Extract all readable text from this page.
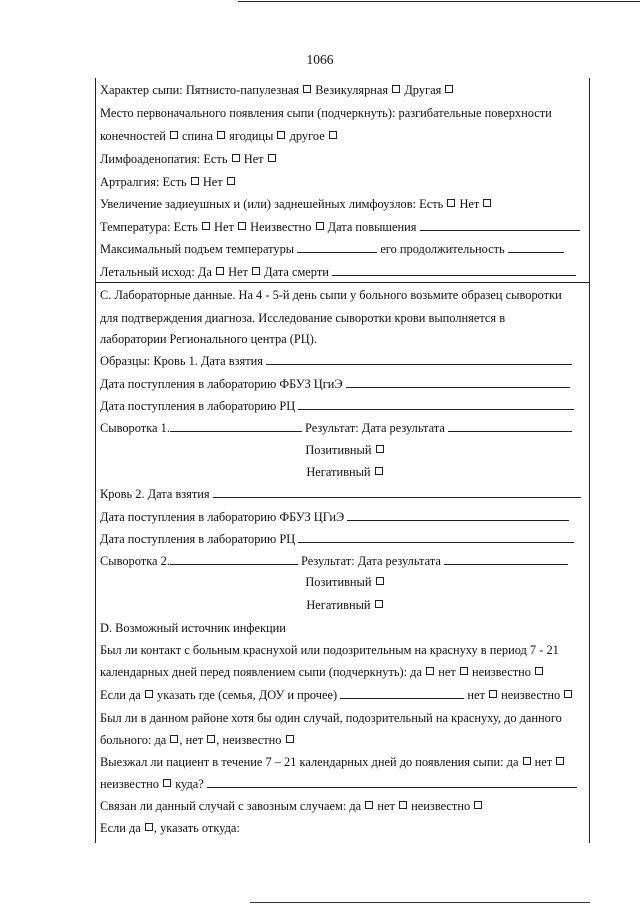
1066
Характер сыпи: Пятнисто-папулезная Везикулярная Другая
Место первоначального появления сыпи (подчеркнуть): разгибательные поверхности
конечностей спина ягодицы другое
Лимфоаденопатия: Есть Нет
Артралгия: Есть Нет
Увеличение задиеушных и (или) заднешейных лимфоузлов: Есть Нет
Температура: Есть Нет Неизвестно Дата повышения
Максимальный подъем температуры	его продолжительность
Летальный исход: Да Нет Дата смерти
С. Лабораторные данные. На 4 - 5-й день сыпи у больного возьмите образец сыворотки
для подтверждения диагноза. Исследование сыворотки крови выполняется в
лаборатории Регионального центра (РЦ).
Образцы: Кровь 1. Дата взятия
Дата поступления в лабораторию ФБУЗ ЦгиЭ
Дата поступления в лабораторию РЦ
Сыворотка 1.	Результат: Дата результата
Позитивный
Негативный
Кровь 2. Дата взятия
Дата поступления в лабораторию ФБУЗ ЦГиЭ
Дата поступления в лабораторию РЦ
Сыворотка 2.	Результат: Дата результата
Позитивный
Негативный
D. Возможный источник инфекции
Был ли контакт с больным краснухой или подозрительным на краснуху в период 7 - 21
календарных дней перед появлением сыпи (подчеркнуть): да нет неизвестно
Если да указать где (семья, ДОУ и прочее)	нет неизвестно
Был ли в данном районе хотя бы один случай, подозрительный на краснуху, до данного
больного: да , нет , неизвестно
Выезжал ли пациент в течение 7 – 21 календарных дней до появления сыпи: да нет
неизвестно куда?
Связан ли данный случай с завозным случаем: да нет неизвестно
Если да , указать откуда:
